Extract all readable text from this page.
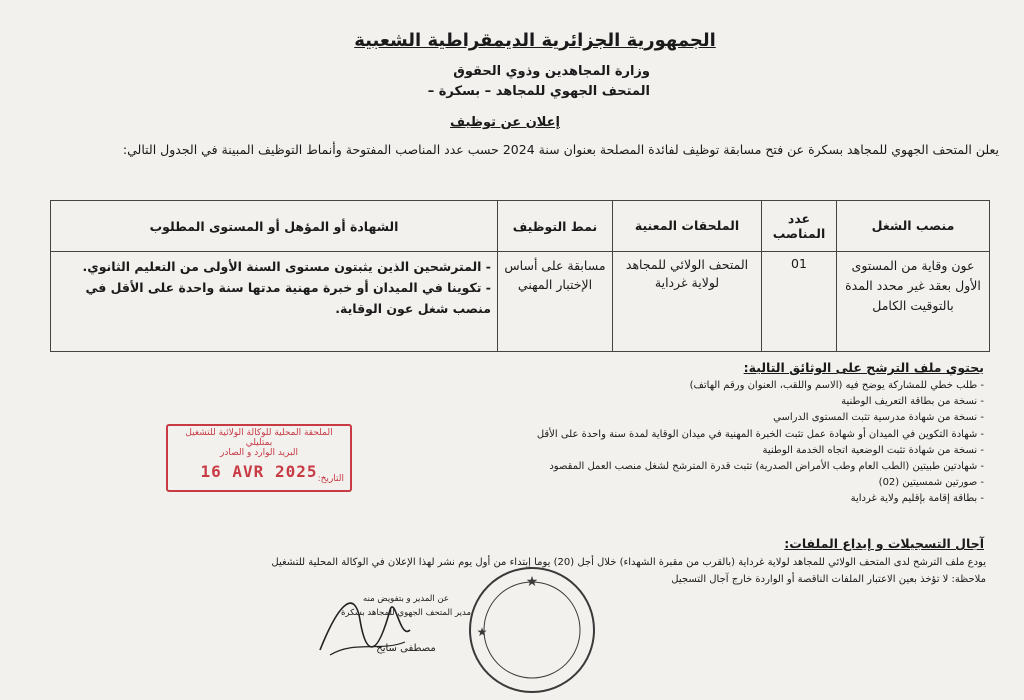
الجمهورية الجزائرية الديمقراطية الشعبية
وزارة المجاهدين وذوي الحقوق
المتحف الجهوي للمجاهد – بسكرة –
إعلان عن توظيف
يعلن المتحف الجهوي للمجاهد بسكرة عن فتح مسابقة توظيف لفائدة المصلحة بعنوان سنة 2024 حسب عدد المناصب المفتوحة وأنماط التوظيف المبينة في الجدول التالي:
منصب الشغل	عدد المناصب	الملحقات المعنية	نمط التوظيف	الشهادة أو المؤهل أو المستوى المطلوب
عون وقاية من المستوى الأول بعقد غير محدد المدة بالتوقيت الكامل	01	المتحف الولائي للمجاهد لولاية غرداية	مسابقة على أساس الإختبار المهني	- المترشحين الذين يثبتون مستوى السنة الأولى من التعليم الثانوي.
- تكوينا في الميدان أو خبرة مهنية مدتها سنة واحدة على الأقل في منصب شغل عون الوقاية.
يحتوي ملف الترشح على الوثائق التالية:
- طلب خطي للمشاركة يوضح فيه (الاسم واللقب، العنوان ورقم الهاتف)
- نسخة من بطاقة التعريف الوطنية
- نسخة من شهادة مدرسية تثبت المستوى الدراسي
- شهادة التكوين في الميدان أو شهادة عمل تثبت الخبرة المهنية في ميدان الوقاية لمدة سنة واحدة على الأقل
- نسخة من شهادة تثبت الوضعية اتجاه الخدمة الوطنية
- شهادتين طبيتين (الطب العام وطب الأمراض الصدرية) تثبت قدرة المترشح لشغل منصب العمل المقصود
- صورتين شمسيتين (02)
- بطاقة إقامة بإقليم ولاية غرداية
آجال التسجيلات و إيداع الملفات:
يودع ملف الترشح لدى المتحف الولائي للمجاهد لولاية غرداية (بالقرب من مقبرة الشهداء) خلال أجل (20) يوما إبتداء من أول يوم نشر لهذا الإعلان في الوكالة المحلية للتشغيل
ملاحظة: لا تؤخذ بعين الاعتبار الملفات الناقصة أو الواردة خارج آجال التسجيل
الملحقة المحلية للوكالة الولائية للتشغيل بمتليلي
البريد الوارد و الصادر
16 AVR 2025 التاريخ:
عن المدير و بتفويض منه
مدير المتحف الجهوي للمجاهد بسكرة
مصطفى سايح
★
★
